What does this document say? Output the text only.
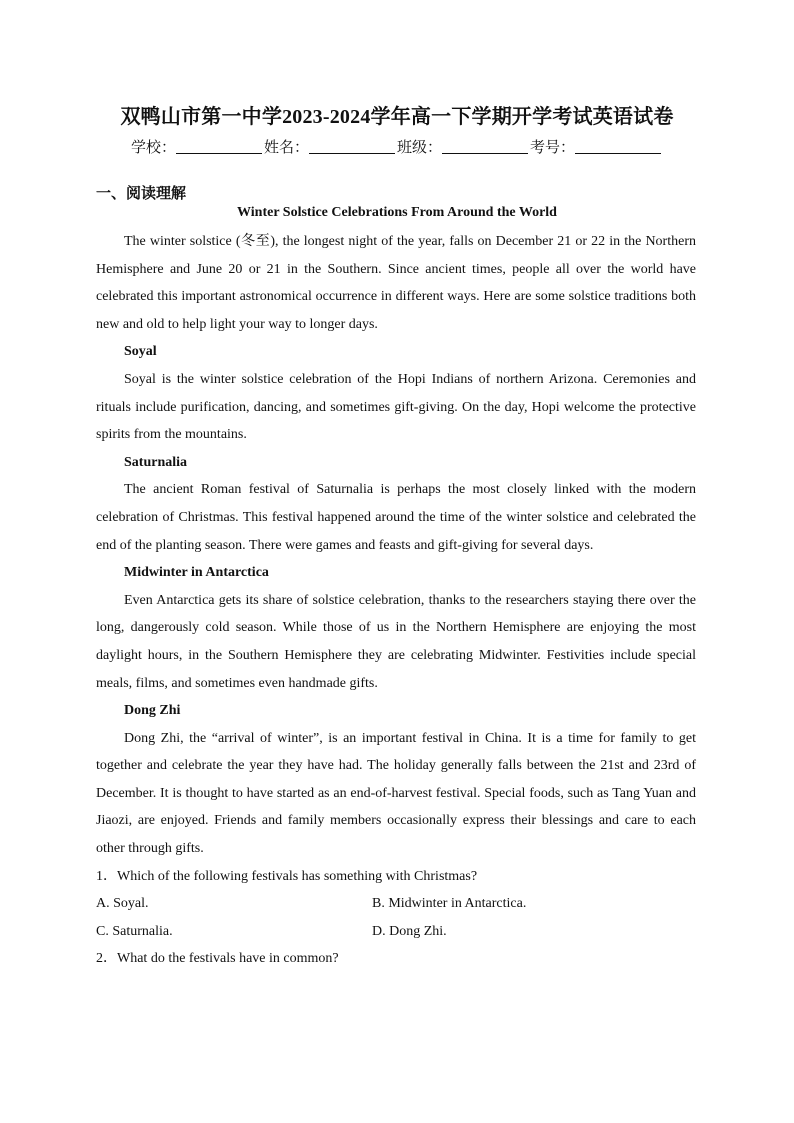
双鸭山市第一中学2023-2024学年高一下学期开学考试英语试卷
学校：	姓名：	班级：	考号：
一、阅读理解
Winter Solstice Celebrations From Around the World

The winter solstice (冬至), the longest night of the year, falls on December 21 or 22 in the Northern Hemisphere and June 20 or 21 in the Southern. Since ancient times, people all over the world have celebrated this important astronomical occurrence in different ways. Here are some solstice traditions both new and old to help light your way to longer days.

Soyal

Soyal is the winter solstice celebration of the Hopi Indians of northern Arizona. Ceremonies and rituals include purification, dancing, and sometimes gift-giving. On the day, Hopi welcome the protective spirits from the mountains.

Saturnalia

The ancient Roman festival of Saturnalia is perhaps the most closely linked with the modern celebration of Christmas. This festival happened around the time of the winter solstice and celebrated the end of the planting season. There were games and feasts and gift-giving for several days.

Midwinter in Antarctica

Even Antarctica gets its share of solstice celebration, thanks to the researchers staying there over the long, dangerously cold season. While those of us in the Northern Hemisphere are enjoying the most daylight hours, in the Southern Hemisphere they are celebrating Midwinter. Festivities include special meals, films, and sometimes even handmade gifts.

Dong Zhi

Dong Zhi, the “arrival of winter”, is an important festival in China. It is a time for family to get together and celebrate the year they have had. The holiday generally falls between the 21st and 23rd of December. It is thought to have started as an end-of-harvest festival. Special foods, such as Tang Yuan and Jiaozi, are enjoyed. Friends and family members occasionally express their blessings and care to each other through gifts.

1．Which of the following festivals has something with Christmas?

A. Soyal.	B. Midwinter in Antarctica.
C. Saturnalia.	D. Dong Zhi.

2．What do the festivals have in common?
